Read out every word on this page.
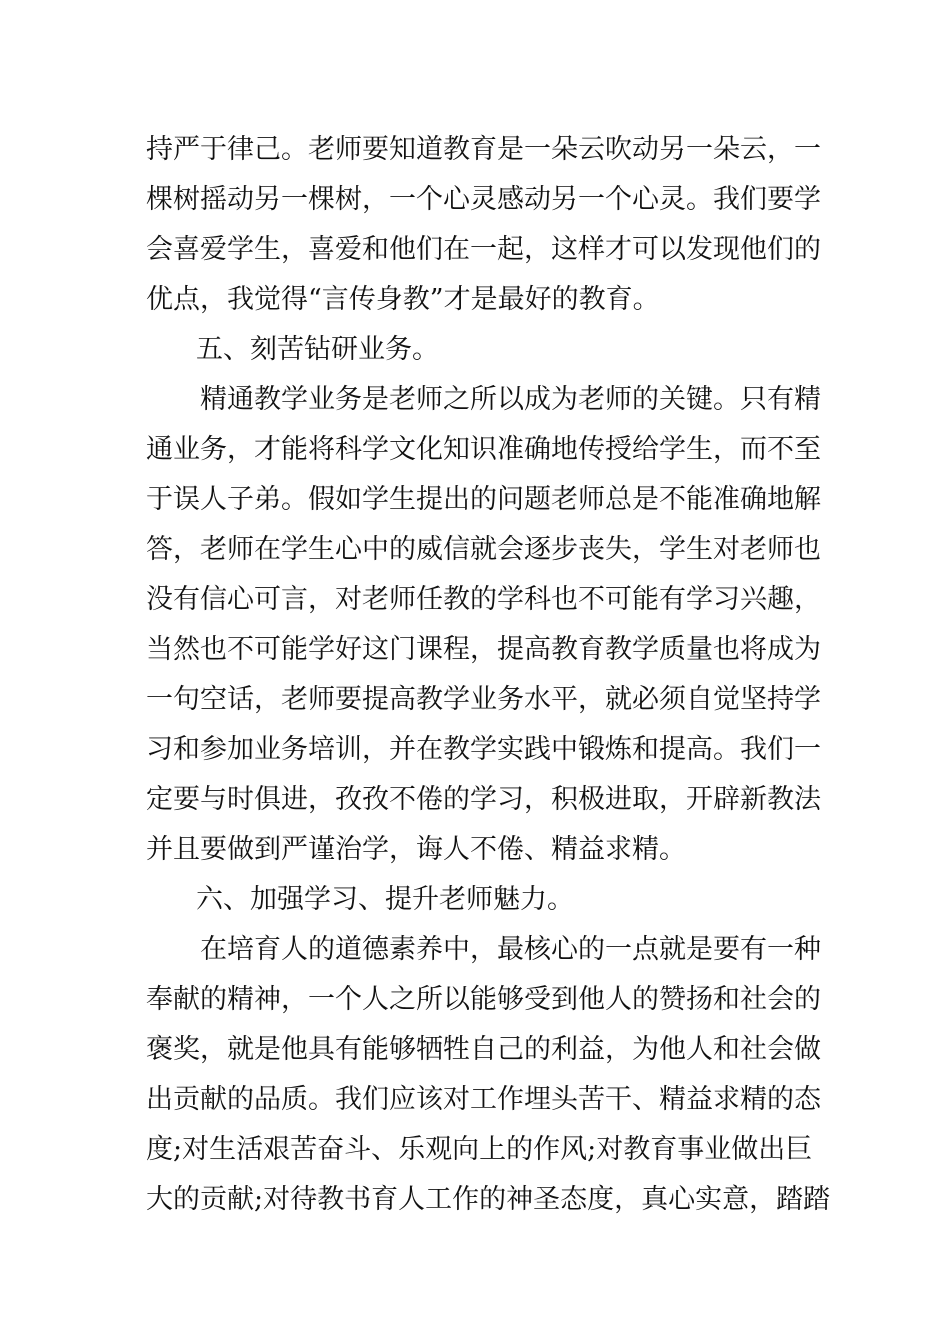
持严于律己。老师要知道教育是一朵云吹动另一朵云，一
棵树摇动另一棵树，一个心灵感动另一个心灵。我们要学
会喜爱学生，喜爱和他们在一起，这样才可以发现他们的
优点，我觉得“言传身教”才是最好的教育。
五、刻苦钻研业务。
精通教学业务是老师之所以成为老师的关键。只有精
通业务，才能将科学文化知识准确地传授给学生，而不至
于误人子弟。假如学生提出的问题老师总是不能准确地解
答，老师在学生心中的威信就会逐步丧失，学生对老师也
没有信心可言，对老师任教的学科也不可能有学习兴趣，
当然也不可能学好这门课程，提高教育教学质量也将成为
一句空话，老师要提高教学业务水平，就必须自觉坚持学
习和参加业务培训，并在教学实践中锻炼和提高。我们一
定要与时俱进，孜孜不倦的学习，积极进取，开辟新教法
并且要做到严谨治学，诲人不倦、精益求精。
六、加强学习、提升老师魅力。
在培育人的道德素养中，最核心的一点就是要有一种
奉献的精神，一个人之所以能够受到他人的赞扬和社会的
褒奖，就是他具有能够牺牲自己的利益，为他人和社会做
出贡献的品质。我们应该对工作埋头苦干、精益求精的态
度;对生活艰苦奋斗、乐观向上的作风;对教育事业做出巨
大的贡献;对待教书育人工作的神圣态度，真心实意，踏踏
